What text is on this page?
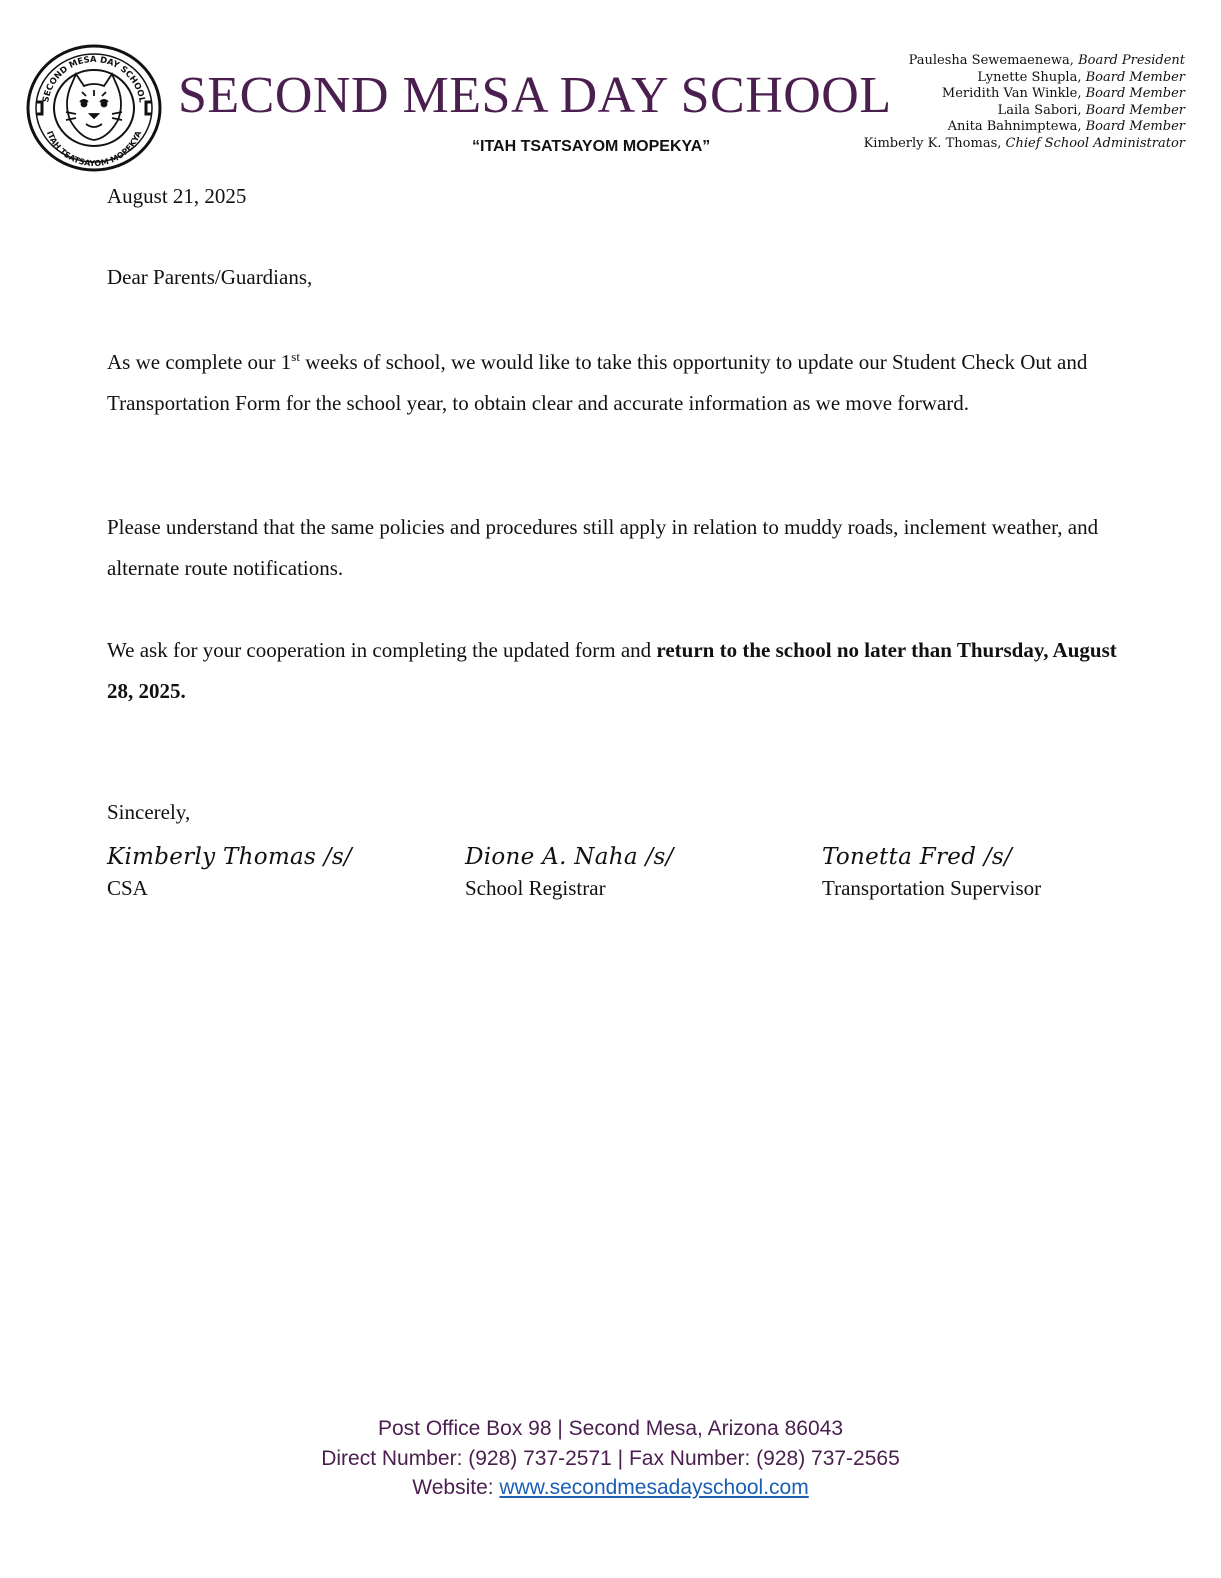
SECOND MESA DAY SCHOOL
ITAH TSATSAYOM MOPEKYA
SECOND MESA DAY SCHOOL
“ITAH TSATSAYOM MOPEKYA”
Paulesha Sewemaenewa, Board President
Lynette Shupla, Board Member
Meridith Van Winkle, Board Member
Laila Sabori, Board Member
Anita Bahnimptewa, Board Member
Kimberly K. Thomas, Chief School Administrator
August 21, 2025
Dear Parents/Guardians,
As we complete our 1st weeks of school, we would like to take this opportunity to update our Student Check Out and Transportation Form for the school year, to obtain clear and accurate information as we move forward.
Please understand that the same policies and procedures still apply in relation to muddy roads, inclement weather, and alternate route notifications.
We ask for your cooperation in completing the updated form and return to the school no later than Thursday, August 28, 2025.
Sincerely,
Kimberly Thomas /s/
CSA
Dione A. Naha /s/
School Registrar
Tonetta Fred /s/
Transportation Supervisor
Post Office Box 98 | Second Mesa, Arizona 86043
Direct Number: (928) 737-2571 | Fax Number: (928) 737-2565
Website: www.secondmesadayschool.com
